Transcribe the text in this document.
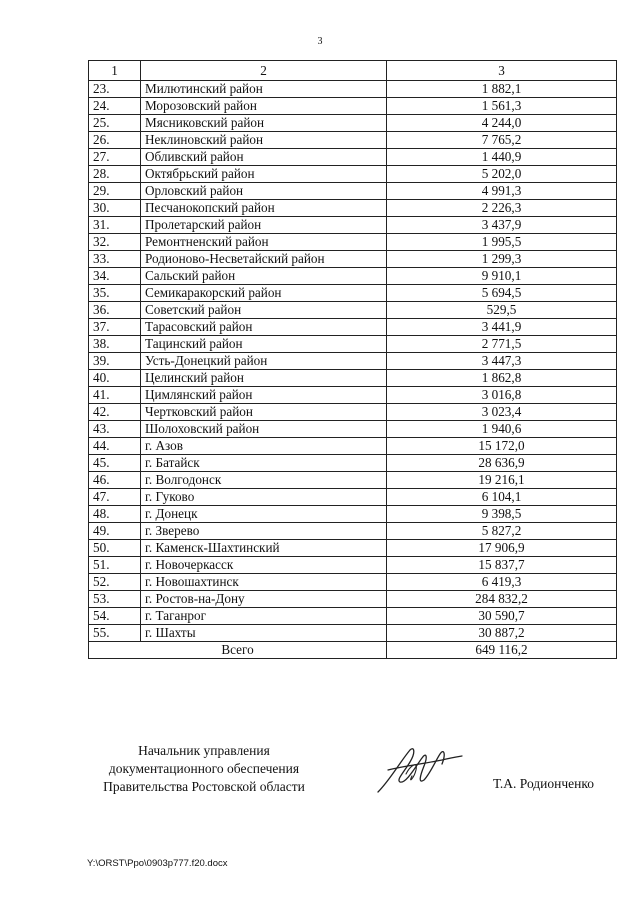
3
1	2	3
23.	Милютинский район	1 882,1
24.	Морозовский район	1 561,3
25.	Мясниковский район	4 244,0
26.	Неклиновский район	7 765,2
27.	Обливский район	1 440,9
28.	Октябрьский район	5 202,0
29.	Орловский район	4 991,3
30.	Песчанокопский район	2 226,3
31.	Пролетарский район	3 437,9
32.	Ремонтненский район	1 995,5
33.	Родионово-Несветайский район	1 299,3
34.	Сальский район	9 910,1
35.	Семикаракорский район	5 694,5
36.	Советский район	529,5
37.	Тарасовский район	3 441,9
38.	Тацинский район	2 771,5
39.	Усть-Донецкий район	3 447,3
40.	Целинский район	1 862,8
41.	Цимлянский район	3 016,8
42.	Чертковский район	3 023,4
43.	Шолоховский район	1 940,6
44.	г. Азов	15 172,0
45.	г. Батайск	28 636,9
46.	г. Волгодонск	19 216,1
47.	г. Гуково	6 104,1
48.	г. Донецк	9 398,5
49.	г. Зверево	5 827,2
50.	г. Каменск-Шахтинский	17 906,9
51.	г. Новочеркасск	15 837,7
52.	г. Новошахтинск	6 419,3
53.	г. Ростов-на-Дону	284 832,2
54.	г. Таганрог	30 590,7
55.	г. Шахты	30 887,2
Всего		649 116,2
Начальник управления
документационного обеспечения
Правительства Ростовской области	Т.А. Родионченко
Y:\ORST\Ppo\0903p777.f20.docx
